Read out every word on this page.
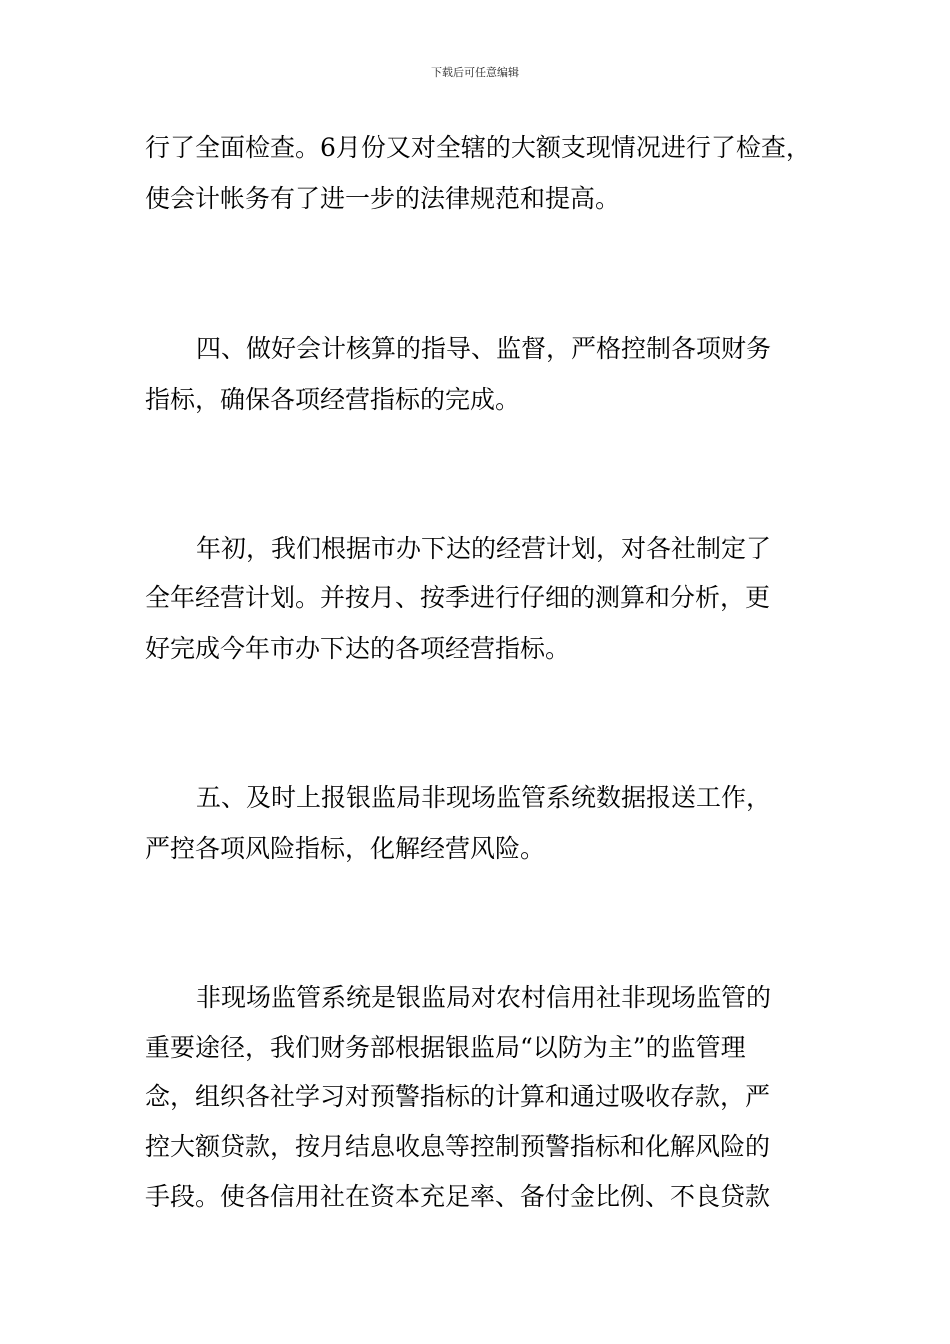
下载后可任意编辑
行了全面检查。6月份又对全辖的大额支现情况进行了检查，
使会计帐务有了进一步的法律规范和提高。
四、做好会计核算的指导、监督，严格控制各项财务
指标，确保各项经营指标的完成。
年初，我们根据市办下达的经营计划，对各社制定了
全年经营计划。并按月、按季进行仔细的测算和分析，更
好完成今年市办下达的各项经营指标。
五、及时上报银监局非现场监管系统数据报送工作，
严控各项风险指标，化解经营风险。
非现场监管系统是银监局对农村信用社非现场监管的
重要途径，我们财务部根据银监局“以防为主”的监管理
念，组织各社学习对预警指标的计算和通过吸收存款，严
控大额贷款，按月结息收息等控制预警指标和化解风险的
手段。使各信用社在资本充足率、备付金比例、不良贷款
